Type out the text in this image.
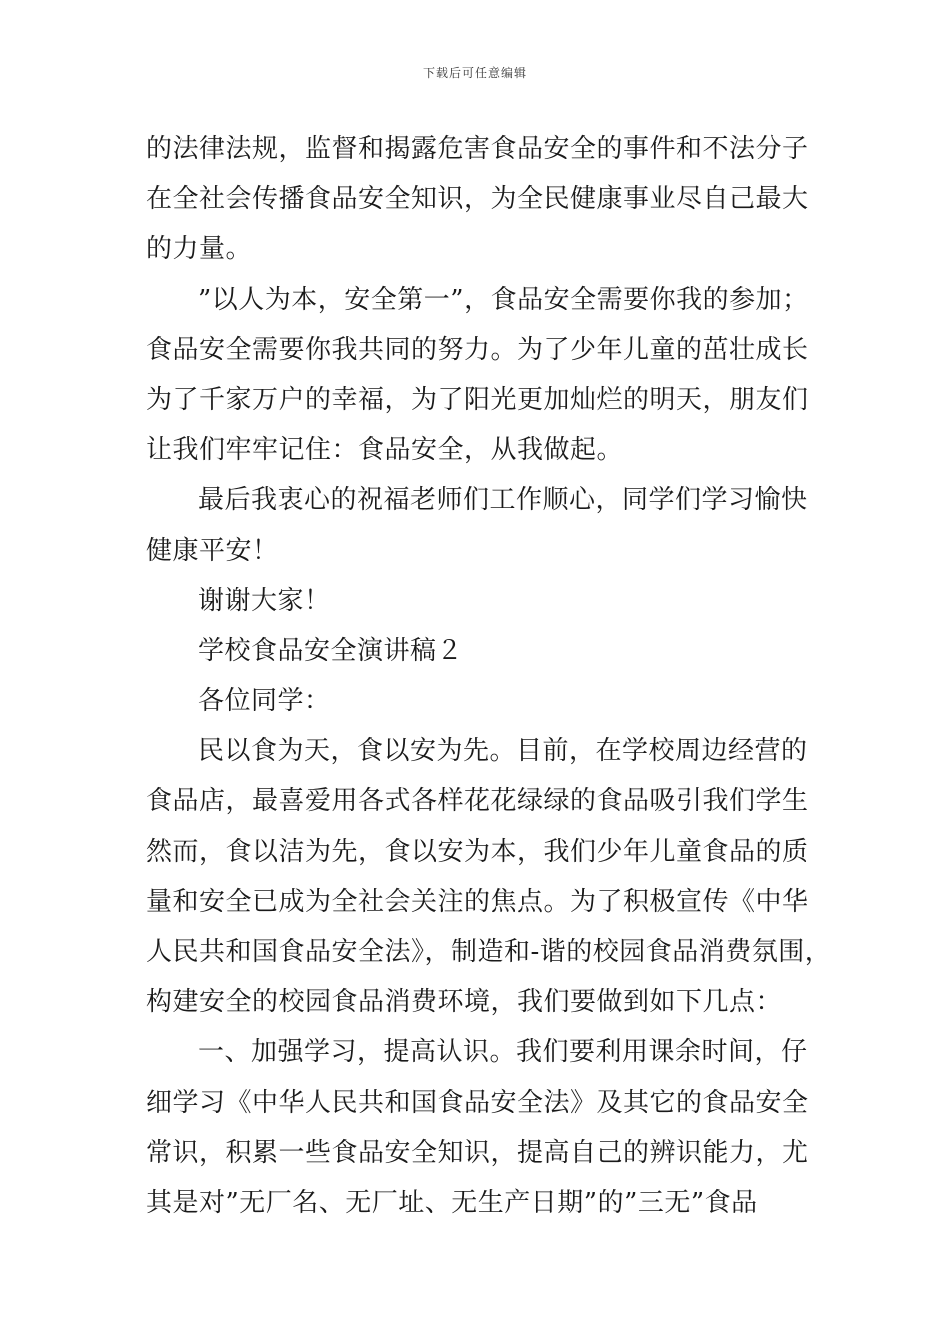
下载后可任意编辑
的法律法规，监督和揭露危害食品安全的事件和不法分子
在全社会传播食品安全知识，为全民健康事业尽自己最大
的力量。
”以人为本，安全第一”，食品安全需要你我的参加；
食品安全需要你我共同的努力。为了少年儿童的茁壮成长
为了千家万户的幸福，为了阳光更加灿烂的明天，朋友们
让我们牢牢记住：食品安全，从我做起。
最后我衷心的祝福老师们工作顺心，同学们学习愉快
健康平安！
谢谢大家！
学校食品安全演讲稿２
各位同学：
民以食为天，食以安为先。目前，在学校周边经营的
食品店，最喜爱用各式各样花花绿绿的食品吸引我们学生
然而，食以洁为先，食以安为本，我们少年儿童食品的质
量和安全已成为全社会关注的焦点。为了积极宣传《中华
人民共和国食品安全法》，制造和-谐的校园食品消费氛围，
构建安全的校园食品消费环境，我们要做到如下几点：
一、加强学习，提高认识。我们要利用课余时间，仔
细学习《中华人民共和国食品安全法》及其它的食品安全
常识，积累一些食品安全知识，提高自己的辨识能力，尤
其是对”无厂名、无厂址、无生产日期”的”三无”食品
